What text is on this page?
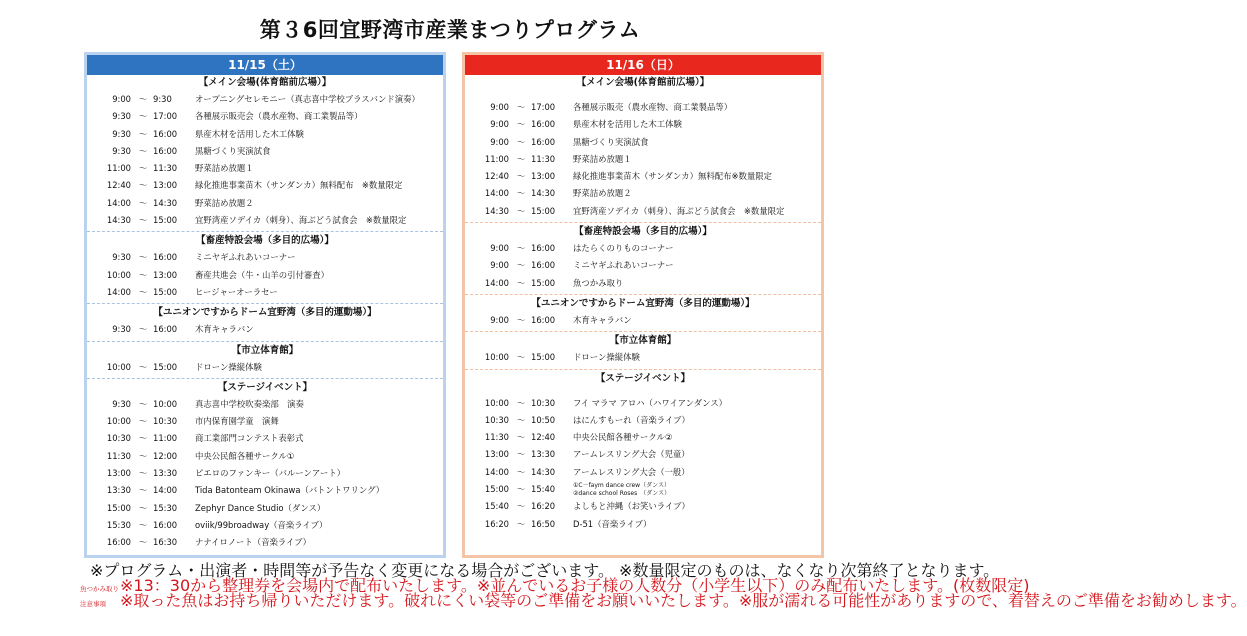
第３6回宜野湾市産業まつりプログラム
11/15（土）
【メイン会場(体育館前広場）】
9:00 ～ 9:30	オープニングセレモニー（真志喜中学校ブラスバンド演奏）
9:30 ～ 17:00	各種展示販売会（農水産物、商工業製品等）
9:30 ～ 16:00	県産木材を活用した木工体験
9:30 ～ 16:00	黒糖づくり実演試食
11:00 ～ 11:30	野菜詰め放題１
12:40 ～ 13:00	緑化推進事業苗木（サンダンカ）無料配布　※数量限定
14:00 ～ 14:30	野菜詰め放題２
14:30 ～ 15:00	宜野湾産ソデイカ（刺身）、海ぶどう試食会　※数量限定
【畜産特設会場（多目的広場）】
9:30 ～ 16:00	ミニヤギふれあいコーナー
10:00 ～ 13:00	畜産共進会（牛・山羊の引付審査）
14:00 ～ 15:00	ヒージャーオーラセー
【ユニオンですからドーム宜野湾（多目的運動場）】
9:30 ～ 16:00	木育キャラバン
【市立体育館】
10:00 ～ 15:00	ドローン操縦体験
【ステージイベント】
9:30 ～ 10:00	真志喜中学校吹奏楽部　演奏
10:00 ～ 10:30	市内保育園学童　演舞
10:30 ～ 11:00	商工業部門コンテスト表彰式
11:30 ～ 12:00	中央公民館各種サークル①
13:00 ～ 13:30	ピエロのファンキー（バルーンアート）
13:30 ～ 14:00	Tida Batonteam Okinawa（バトントワリング）
15:00 ～ 15:30	Zephyr Dance Studio（ダンス）
15:30 ～ 16:00	oviik/99broadway（音楽ライブ）
16:00 ～ 16:30	ナナイロノート（音楽ライブ）
11/16（日）
【メイン会場(体育館前広場）】
9:00 ～ 17:00	各種展示販売（農水産物、商工業製品等）
9:00 ～ 16:00	県産木材を活用した木工体験
9:00 ～ 16:00	黒糖づくり実演試食
11:00 ～ 11:30	野菜詰め放題１
12:40 ～ 13:00	緑化推進事業苗木（サンダンカ）無料配布※数量限定
14:00 ～ 14:30	野菜詰め放題２
14:30 ～ 15:00	宜野湾産ソデイカ（刺身）、海ぶどう試食会　※数量限定
【畜産特設会場（多目的広場）】
9:00 ～ 16:00	はたらくのりものコーナー
9:00 ～ 16:00	ミニヤギふれあいコーナー
14:00 ～ 15:00	魚つかみ取り
【ユニオンですからドーム宜野湾（多目的運動場）】
9:00 ～ 16:00	木育キャラバン
【市立体育館】
10:00 ～ 15:00	ドローン操縦体験
【ステージイベント】
10:00 ～ 10:30	フイ マラマ アロハ（ハワイアンダンス）
10:30 ～ 10:50	はにんすもーれ（音楽ライブ）
11:30 ～ 12:40	中央公民館各種サークル②
13:00 ～ 13:30	アームレスリング大会（児童）
14:00 ～ 14:30	アームレスリング大会（一般）
15:00 ～ 15:40	①C－faym dance crew（ダンス）
②dance school Roses　（ダンス）
15:40 ～ 16:20	よしもと沖縄（お笑いライブ）
16:20 ～ 16:50	D-51（音楽ライブ）
※プログラム・出演者・時間等が予告なく変更になる場合がございます。 ※数量限定のものは、なくなり次第終了となります。
魚つかみ取り※13：30から整理券を会場内で配布いたします。※並んでいるお子様の人数分（小学生以下）のみ配布いたします。(枚数限定)
注意事項 ※取った魚はお持ち帰りいただけます。破れにくい袋等のご準備をお願いいたします。※服が濡れる可能性がありますので、着替えのご準備をお勧めします。
